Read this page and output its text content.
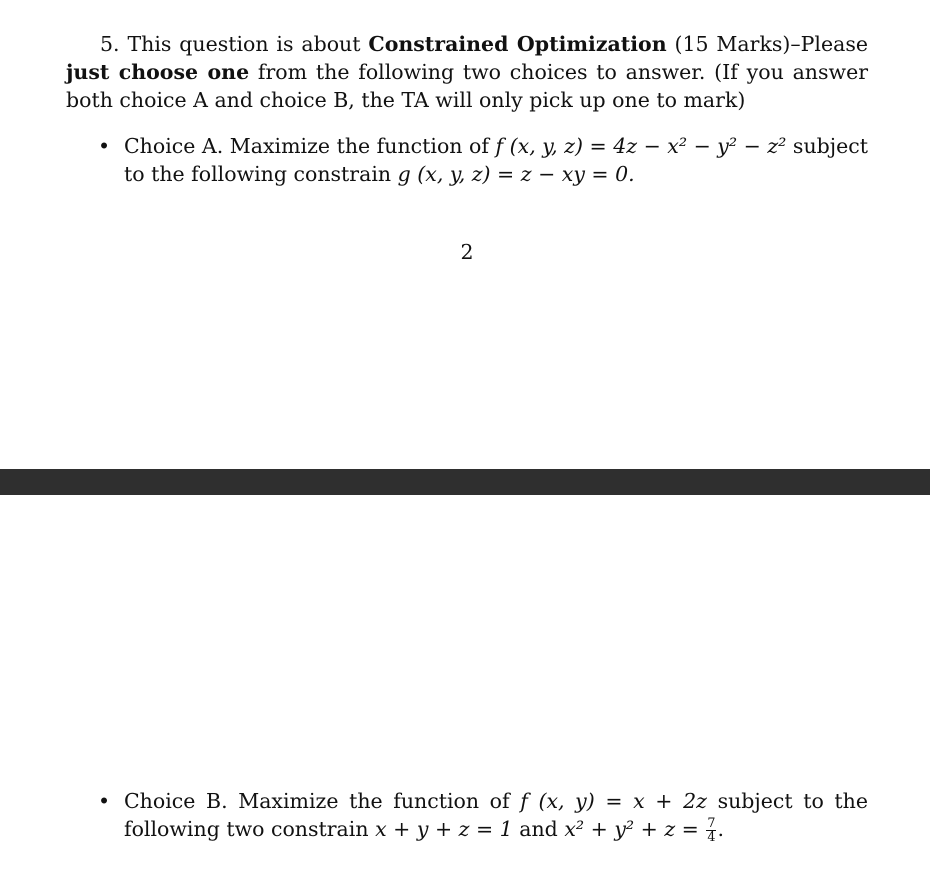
5. This question is about Constrained Optimization (15 Marks)–Please just choose one from the following two choices to answer. (If you answer both choice A and choice B, the TA will only pick up one to mark)

• Choice A. Maximize the function of f (x, y, z) = 4z − x² − y² − z² subject to the following constrain g (x, y, z) = z − xy = 0.
2
• Choice B. Maximize the function of f (x, y) = x + 2z subject to the following two constrain x + y + z = 1 and $x^2 + y^2 + z = \frac{7}{4}$ .
